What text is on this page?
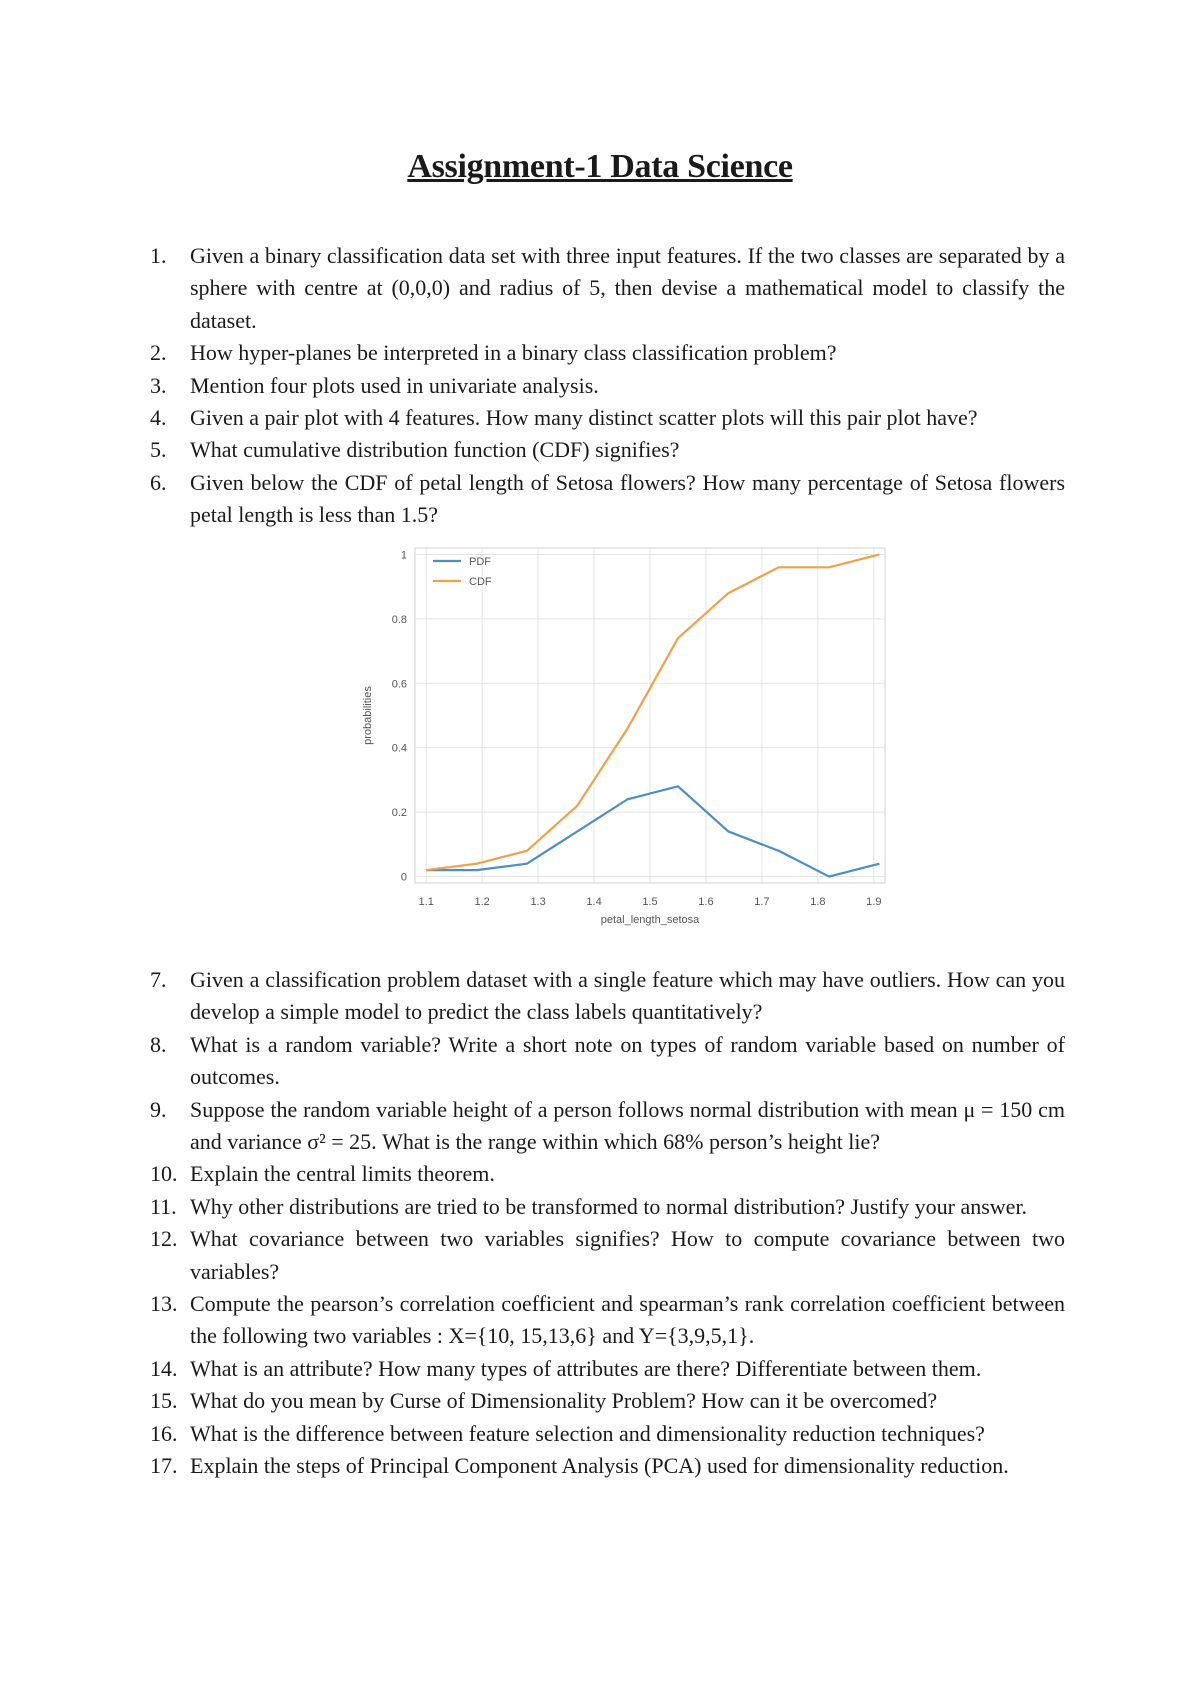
Assignment-1 Data Science
1.	Given a binary classification data set with three input features. If the two classes are separated by a sphere with centre at (0,0,0) and radius of 5, then devise a mathematical model to classify the dataset.
2.	How hyper-planes be interpreted in a binary class classification problem?
3.	Mention four plots used in univariate analysis.
4.	Given a pair plot with 4 features. How many distinct scatter plots will this pair plot have?
5.	What cumulative distribution function (CDF) signifies?
6.	Given below the CDF of petal length of Setosa flowers? How many percentage of Setosa flowers petal length is less than 1.5?
1.1	1.2	1.3	1.4	1.5	1.6	1.7	1.8	1.9
0
0.2
0.4
0.6
0.8
1
petal_length_setosa
probabilities
PDF
CDF
7.	Given a classification problem dataset with a single feature which may have outliers. How can you develop a simple model to predict the class labels quantitatively?
8.	What is a random variable? Write a short note on types of random variable based on number of outcomes.
9.	Suppose the random variable height of a person follows normal distribution with mean μ = 150 cm and variance σ² = 25. What is the range within which 68% person’s height lie?
10. Explain the central limits theorem.
11. Why other distributions are tried to be transformed to normal distribution? Justify your answer.
12. What covariance between two variables signifies? How to compute covariance between two variables?
13. Compute the pearson’s correlation coefficient and spearman’s rank correlation coefficient between the following two variables : X={10, 15,13,6} and Y={3,9,5,1}.
14. What is an attribute? How many types of attributes are there? Differentiate between them.
15. What do you mean by Curse of Dimensionality Problem? How can it be overcomed?
16. What is the difference between feature selection and dimensionality reduction techniques?
17. Explain the steps of Principal Component Analysis (PCA) used for dimensionality reduction.
